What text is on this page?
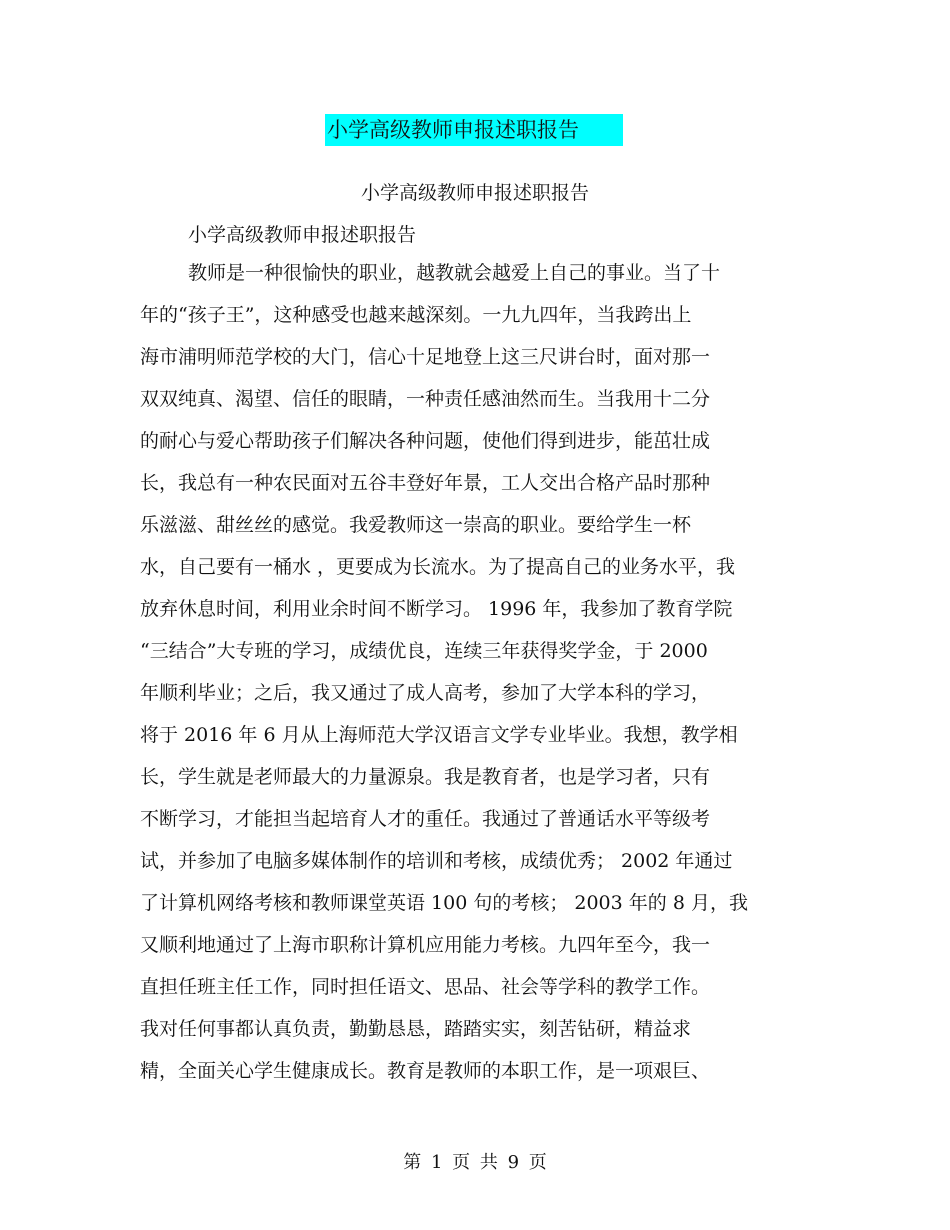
小学高级教师申报述职报告
小学高级教师申报述职报告
小学高级教师申报述职报告
教师是一种很愉快的职业，越教就会越爱上自己的事业。当了十
年的“孩子王”，这种感受也越来越深刻。一九九四年，当我跨出上
海市浦明师范学校的大门，信心十足地登上这三尺讲台时，面对那一
双双纯真、渴望、信任的眼睛，一种责任感油然而生。当我用十二分
的耐心与爱心帮助孩子们解决各种问题，使他们得到进步，能茁壮成
长，我总有一种农民面对五谷丰登好年景，工人交出合格产品时那种
乐滋滋、甜丝丝的感觉。我爱教师这一崇高的职业。要给学生一杯
水，自己要有一桶水 ，更要成为长流水。为了提高自己的业务水平，我
放弃休息时间，利用业余时间不断学习。 1996 年，我参加了教育学院
“三结合”大专班的学习，成绩优良，连续三年获得奖学金，于 2000
年顺利毕业；之后，我又通过了成人高考，参加了大学本科的学习，
将于 2016 年 6 月从上海师范大学汉语言文学专业毕业。我想，教学相
长，学生就是老师最大的力量源泉。我是教育者，也是学习者，只有
不断学习，才能担当起培育人才的重任。我通过了普通话水平等级考
试，并参加了电脑多媒体制作的培训和考核，成绩优秀； 2002 年通过
了计算机网络考核和教师课堂英语 100 句的考核； 2003 年的 8 月，我
又顺利地通过了上海市职称计算机应用能力考核。九四年至今，我一
直担任班主任工作，同时担任语文、思品、社会等学科的教学工作。
我对任何事都认真负责，勤勤恳恳，踏踏实实，刻苦钻研，精益求
精，全面关心学生健康成长。教育是教师的本职工作，是一项艰巨、
第 1 页 共 9 页
